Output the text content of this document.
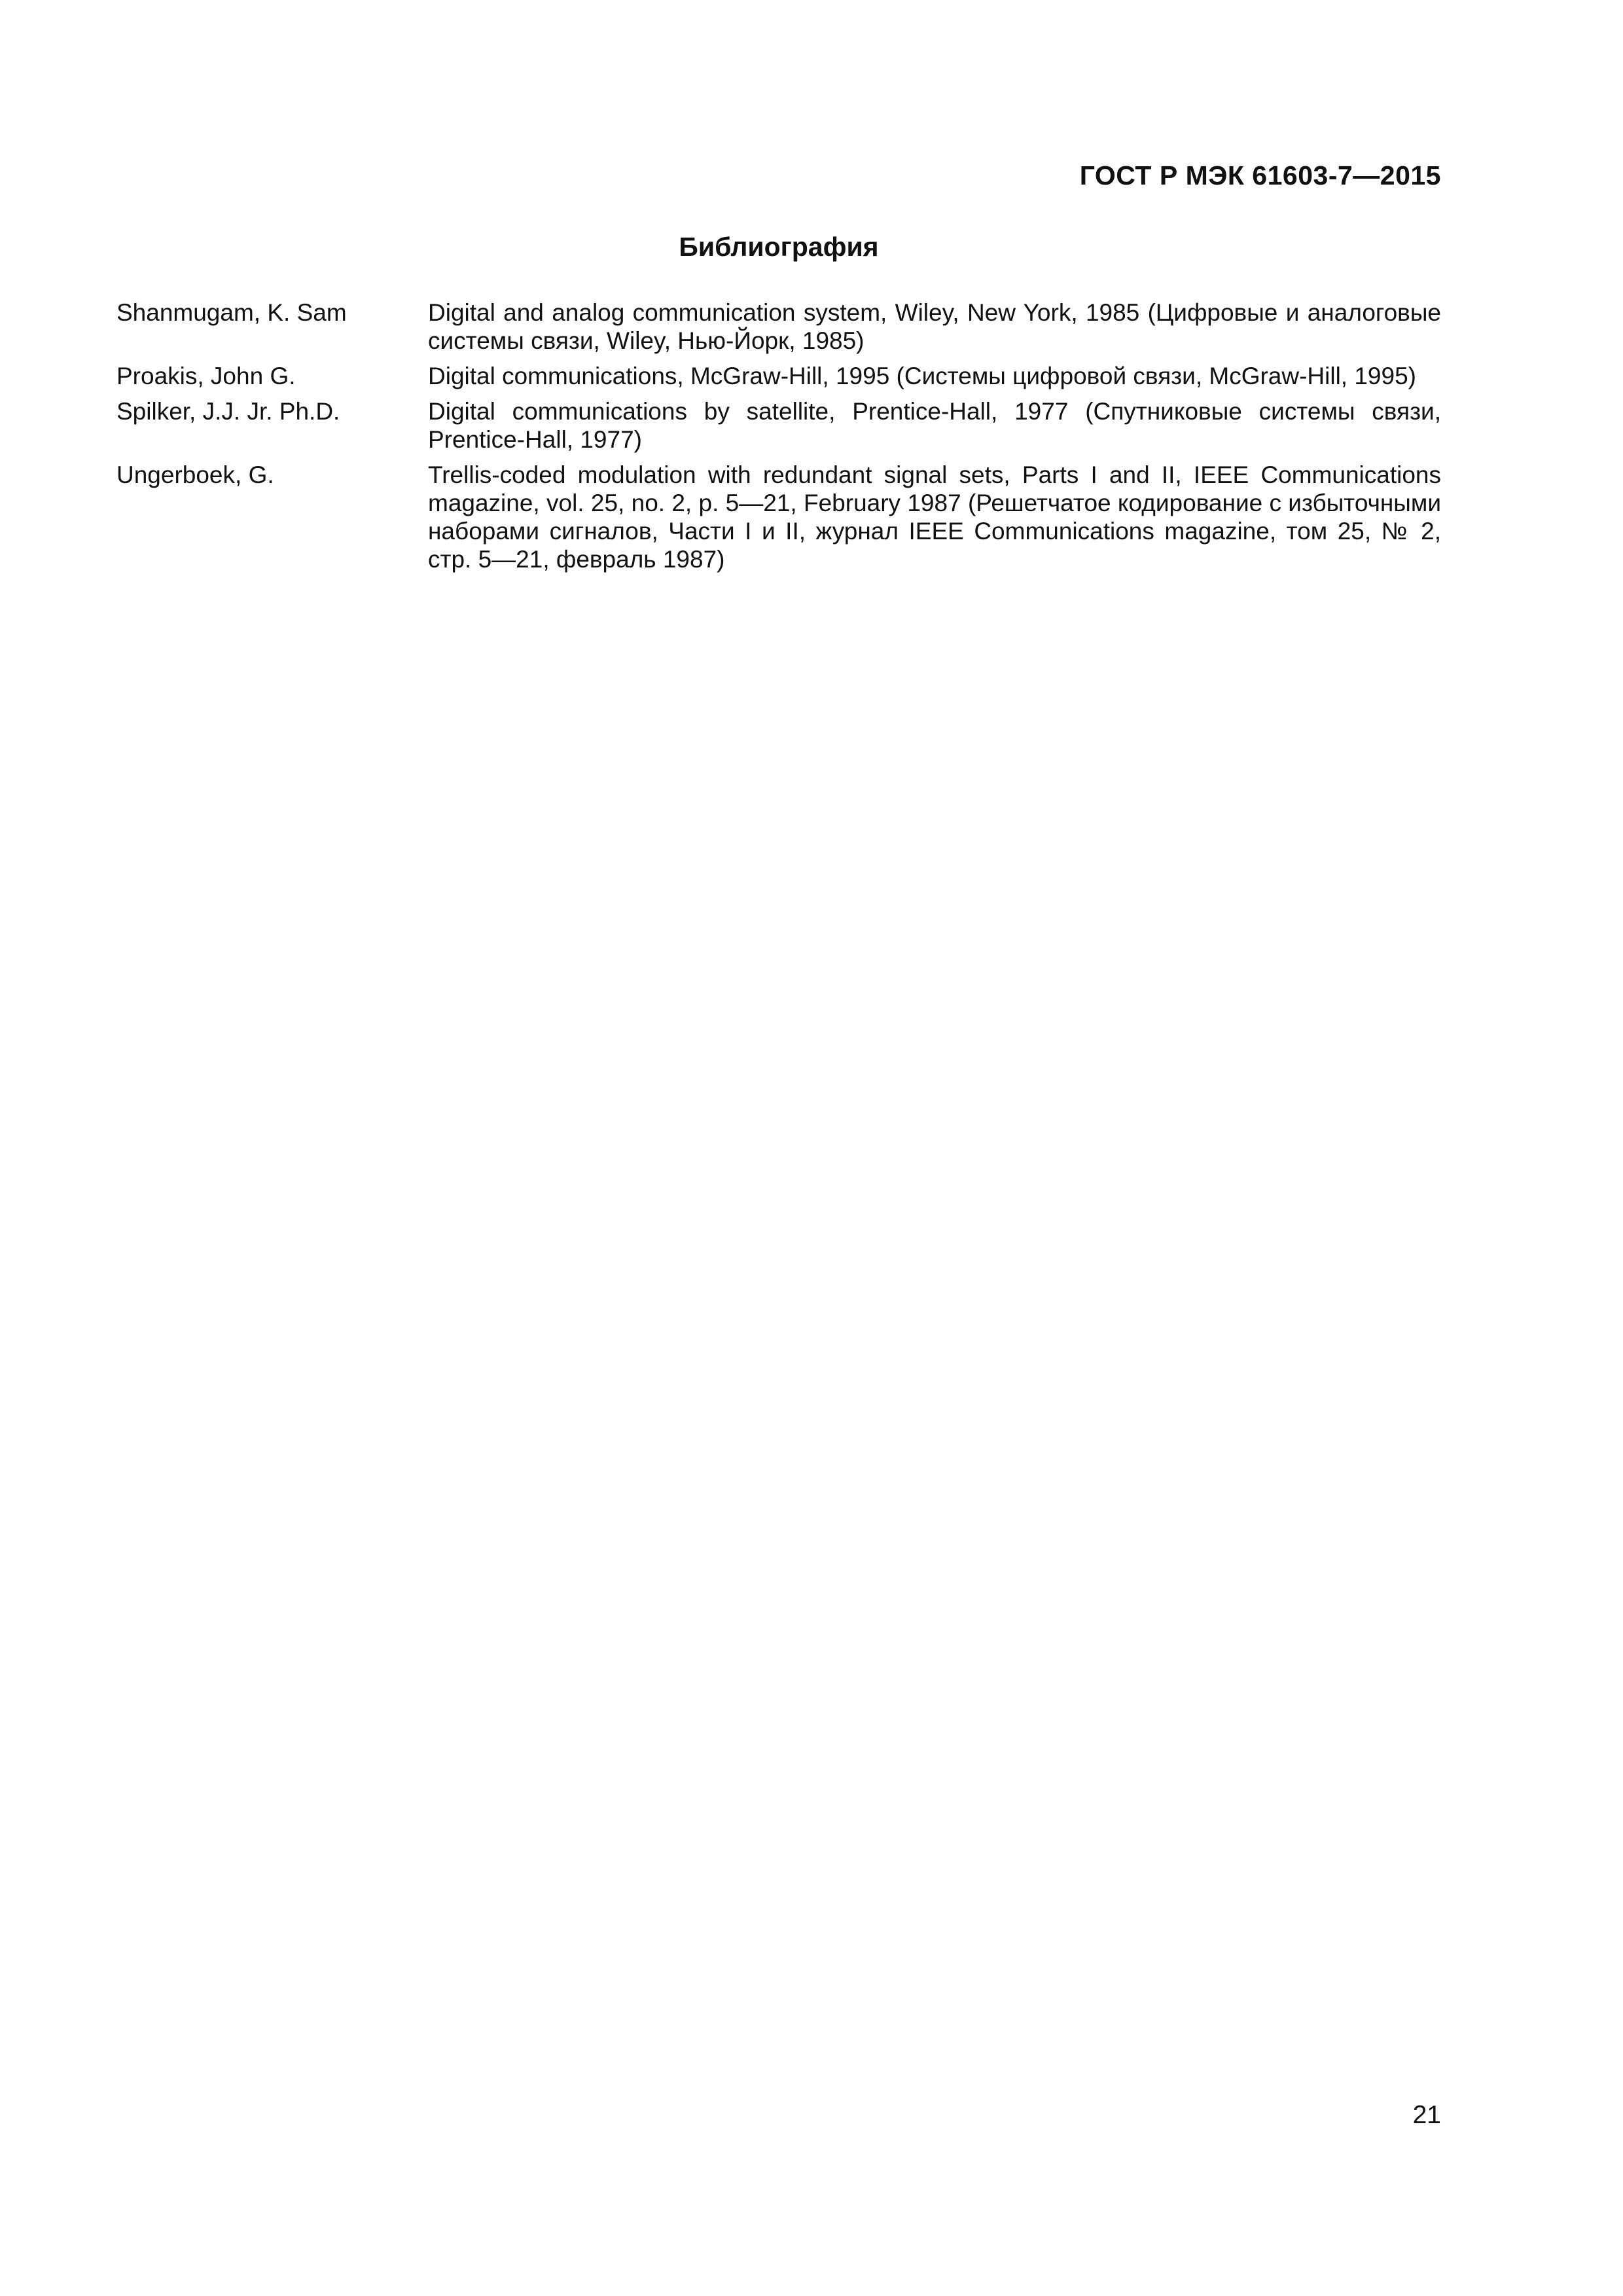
ГОСТ Р МЭК 61603-7—2015
Библиография
Shanmugam, K. Sam	Digital and analog communication system, Wiley, New York, 1985 (Цифровые и аналоговые системы связи, Wiley, Нью-Йорк, 1985)
Proakis, John G.	Digital communications, McGraw-Hill, 1995 (Системы цифровой связи, McGraw-Hill, 1995)
Spilker, J.J. Jr. Ph.D.	Digital communications by satellite, Prentice-Hall, 1977 (Спутниковые системы связи, Prentice-Hall, 1977)
Ungerboek, G.	Trellis-coded modulation with redundant signal sets, Parts I and II, IEEE Communications magazine, vol. 25, no. 2, p. 5—21, February 1987 (Решетчатое кодирование с избыточными наборами сигналов, Части I и II, журнал IEEE Communications magazine, том 25, № 2, стр. 5—21, февраль 1987)
21
